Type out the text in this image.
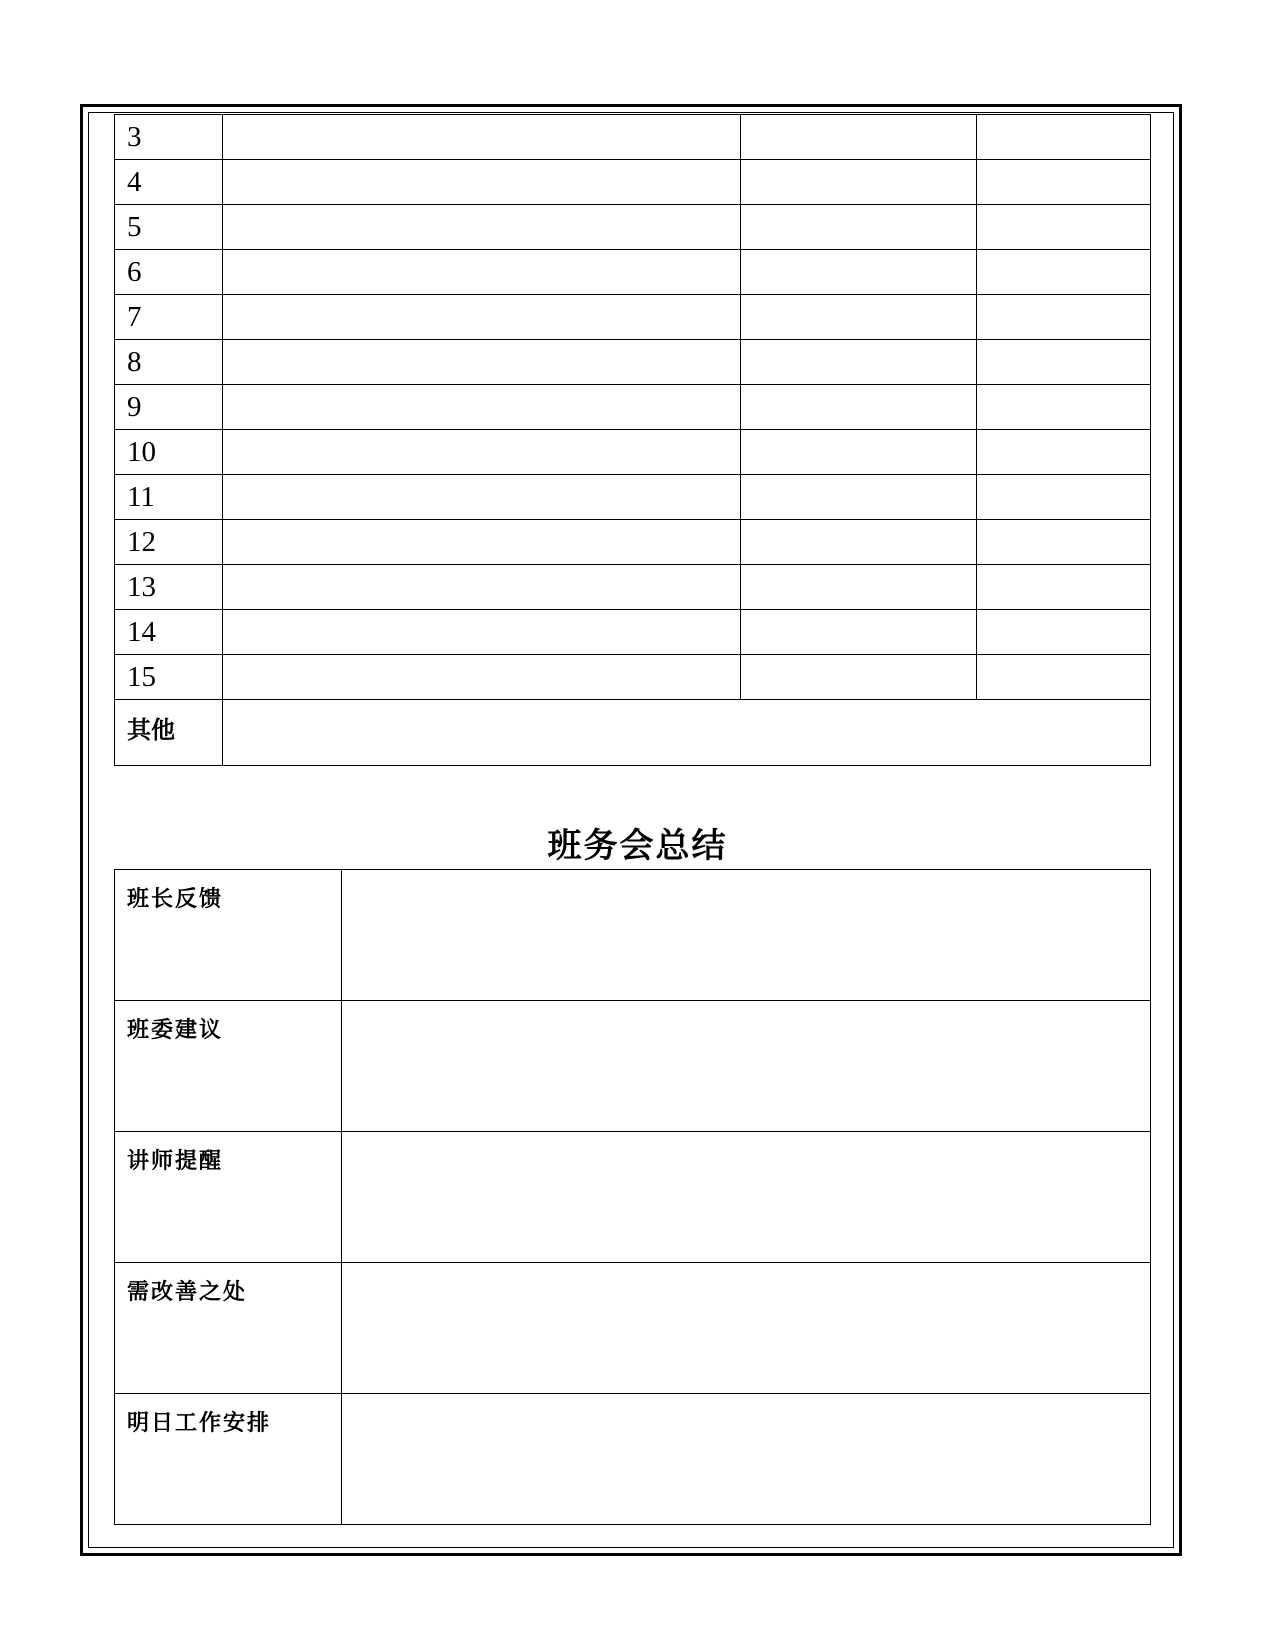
3			
4			
5			
6			
7			
8			
9			
10			
11			
12			
13			
14			
15			
其他			
班务会总结
班长反馈	
班委建议	
讲师提醒	
需改善之处	
明日工作安排	
